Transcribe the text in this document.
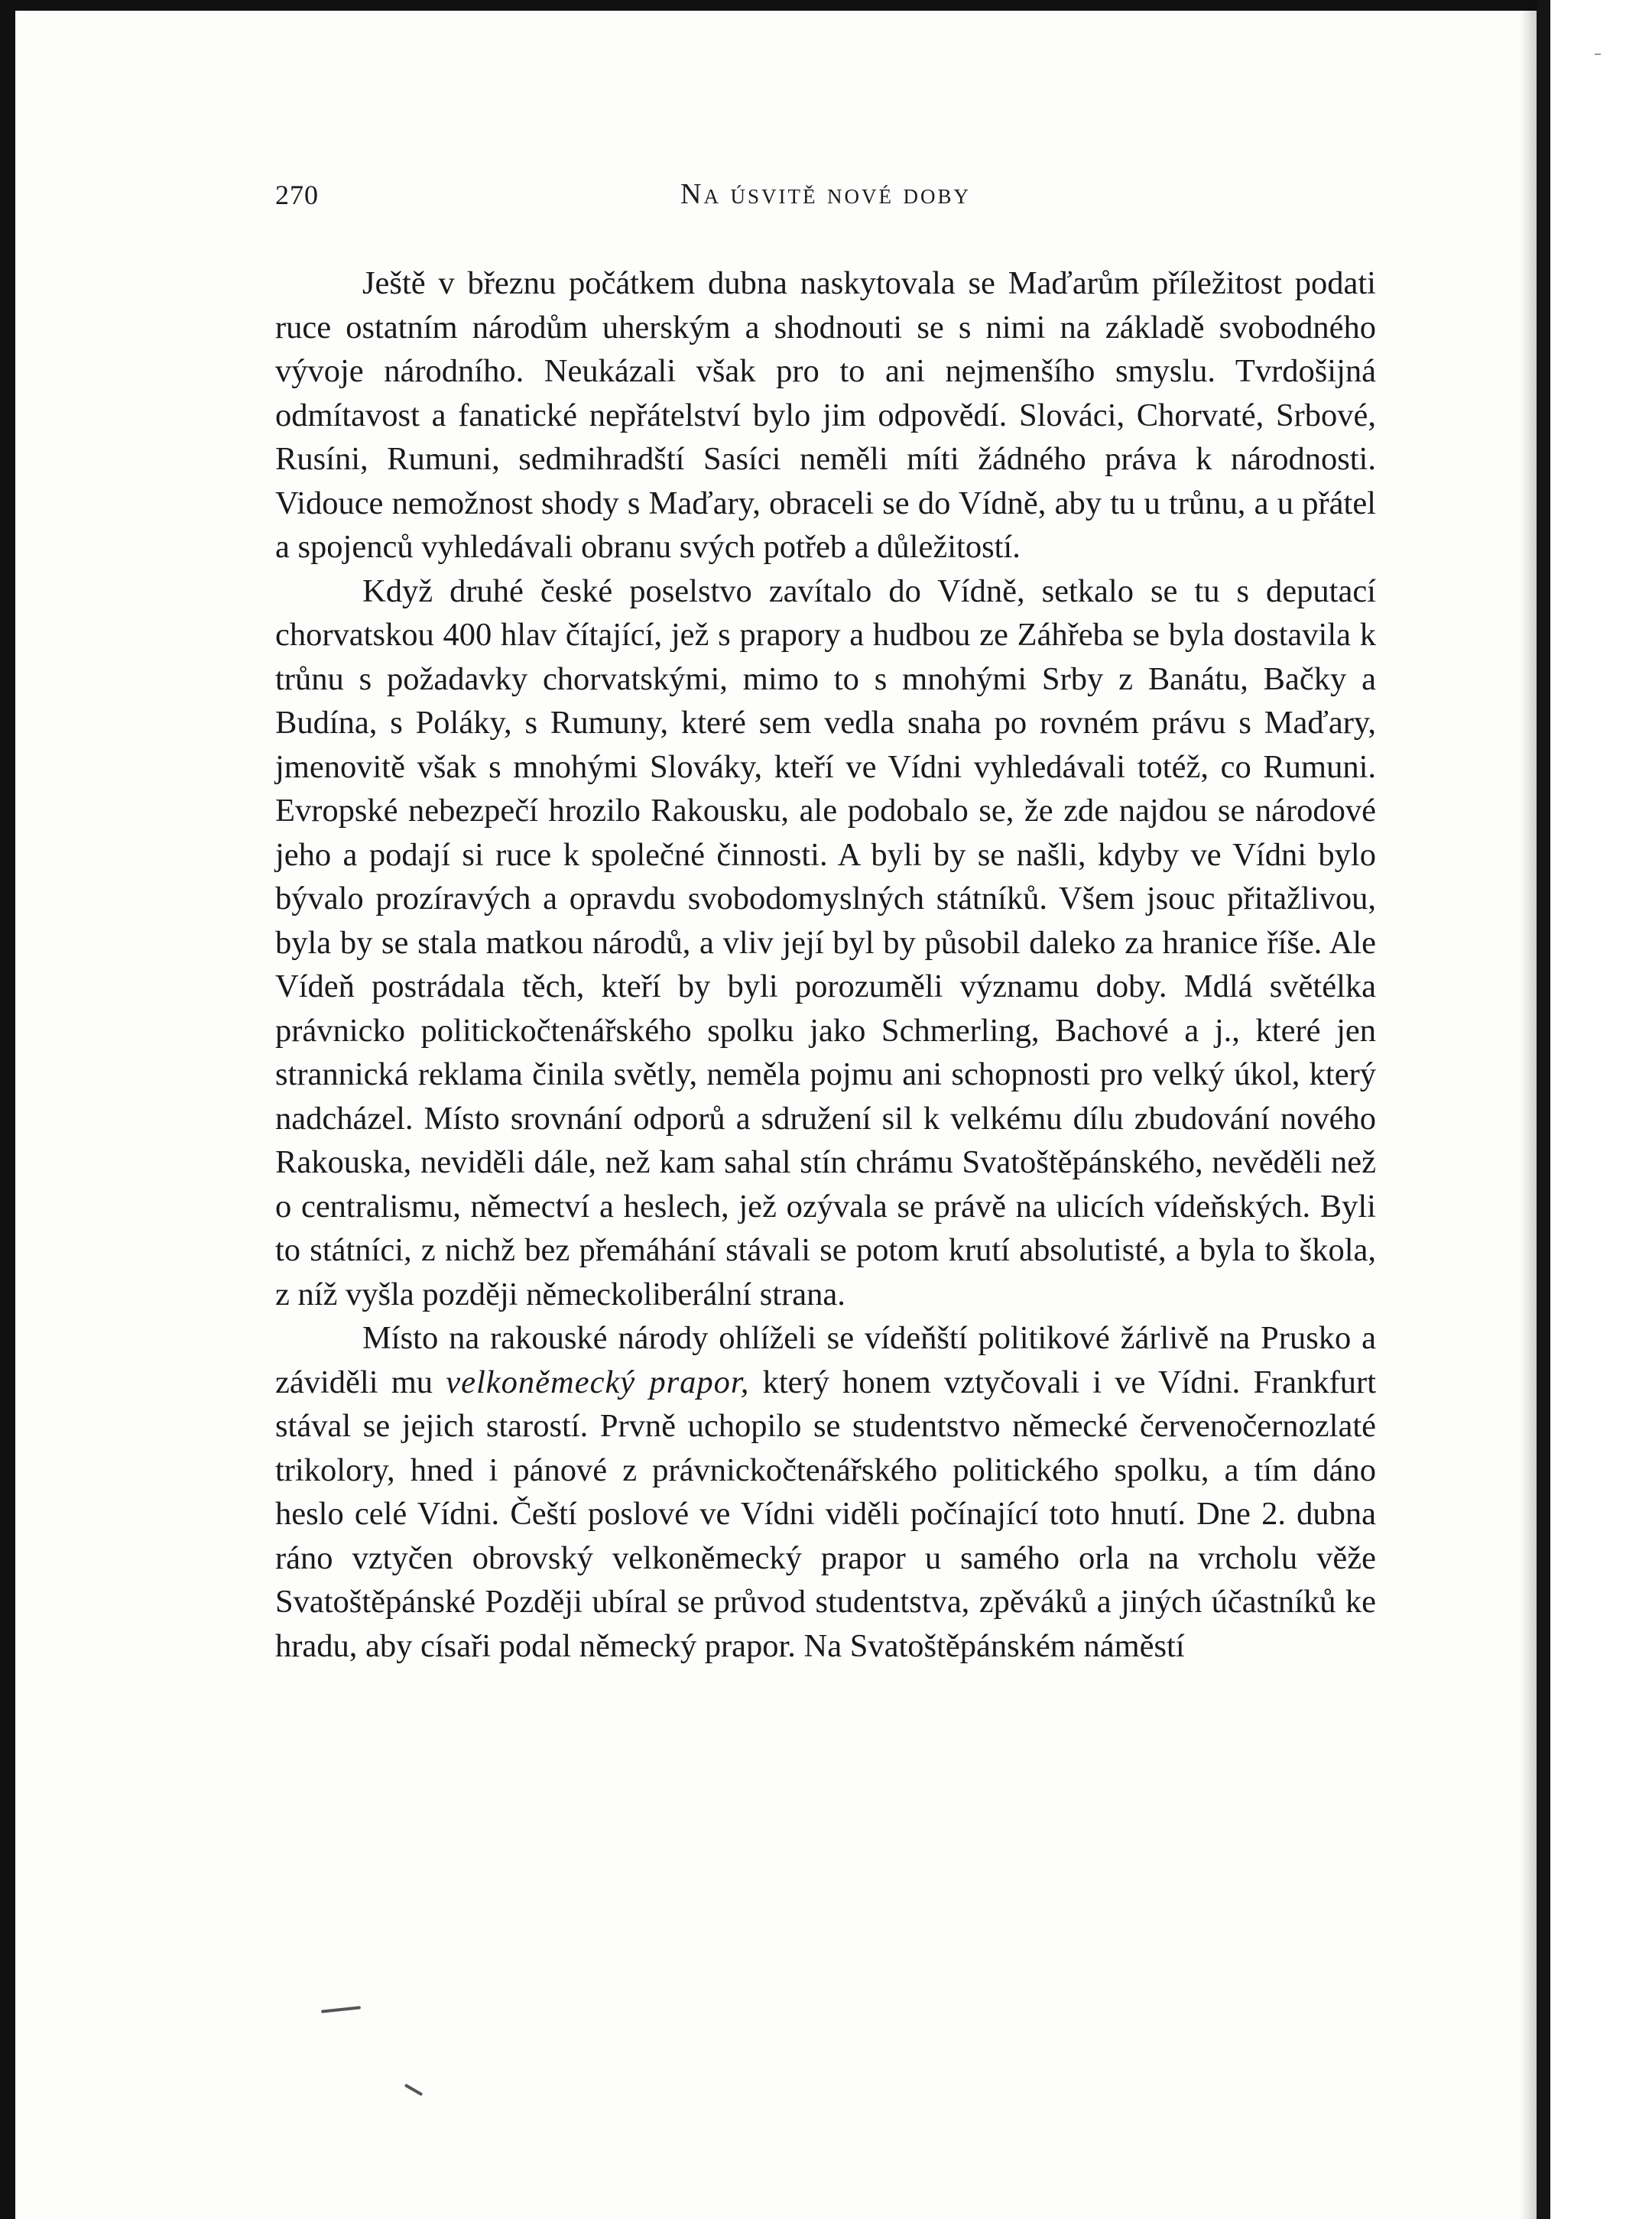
270	Na úsvitě nové doby

Ještě v březnu počátkem dubna naskytovala se Maďarům příležitost podati ruce ostatním národům uherským a shodnouti se s nimi na základě svobodného vývoje národního. Neukázali však pro to ani nejmenšího smyslu. Tvrdošijná odmítavost a fanatické nepřátelství bylo jim odpovědí. Slováci, Chorvaté, Srbové, Rusíni, Rumuni, sedmihradští Sasíci neměli míti žádného práva k národnosti. Vidouce nemožnost shody s Maďary, obraceli se do Vídně, aby tu u trůnu, a u přátel a spojenců vyhledávali obranu svých potřeb a důležitostí.

Když druhé české poselstvo zavítalo do Vídně, setkalo se tu s deputací chorvatskou 400 hlav čítající, jež s prapory a hudbou ze Záhřeba se byla dostavila k trůnu s požadavky chorvatskými, mimo to s mnohými Srby z Banátu, Bačky a Budína, s Poláky, s Rumuny, které sem vedla snaha po rovném právu s Maďary, jmenovitě však s mnohými Slováky, kteří ve Vídni vyhledávali totéž, co Rumuni. Evropské nebezpečí hrozilo Rakousku, ale podobalo se, že zde najdou se národové jeho a podají si ruce k společné činnosti. A byli by se našli, kdyby ve Vídni bylo bývalo prozíravých a opravdu svobodomyslných státníků. Všem jsouc přitažlivou, byla by se stala matkou národů, a vliv její byl by působil daleko za hranice říše. Ale Vídeň postrádala těch, kteří by byli porozuměli významu doby. Mdlá světélka právnicko politickočtenářského spolku jako Schmerling, Bachové a j., které jen strannická reklama činila světly, neměla pojmu ani schopnosti pro velký úkol, který nadcházel. Místo srovnání odporů a sdružení sil k velkému dílu zbudování nového Rakouska, neviděli dále, než kam sahal stín chrámu Svatoštěpánského, nevěděli než o centralismu, němectví a heslech, jež ozývala se právě na ulicích vídeňských. Byli to státníci, z nichž bez přemáhání stávali se potom krutí absolutisté, a byla to škola, z níž vyšla později německoliberální strana.

Místo na rakouské národy ohlíželi se vídeňští politikové žárlivě na Prusko a záviděli mu velkoněmecký prapor, který honem vztyčovali i ve Vídni. Frankfurt stával se jejich starostí. Prvně uchopilo se studentstvo německé červenočernozlaté trikolory, hned i pánové z právnickočtenářského politického spolku, a tím dáno heslo celé Vídni. Čeští poslové ve Vídni viděli počínající toto hnutí. Dne 2. dubna ráno vztyčen obrovský velkoněmecký prapor u samého orla na vrcholu věže Svatoštěpánské Později ubíral se průvod studentstva, zpěváků a jiných účastníků ke hradu, aby císaři podal německý prapor. Na Svatoštěpánském náměstí
